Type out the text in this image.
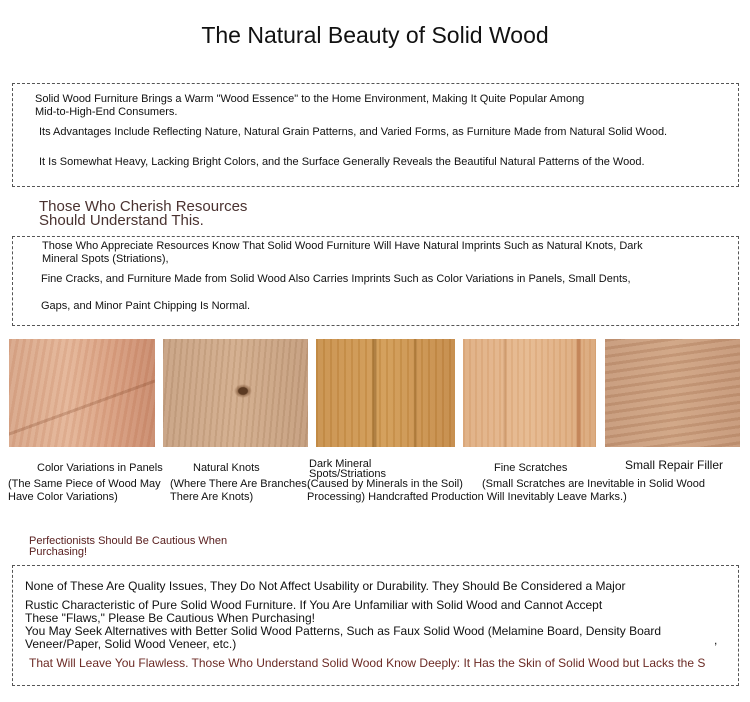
The Natural Beauty of Solid Wood
Solid Wood Furniture Brings a Warm "Wood Essence" to the Home Environment, Making It Quite Popular Among
Mid-to-High-End Consumers.
Its Advantages Include Reflecting Nature, Natural Grain Patterns, and Varied Forms, as Furniture Made from Natural Solid Wood.
It Is Somewhat Heavy, Lacking Bright Colors, and the Surface Generally Reveals the Beautiful Natural Patterns of the Wood.
Those Who Cherish Resources
Should Understand This.
Those Who Appreciate Resources Know That Solid Wood Furniture Will Have Natural Imprints Such as Natural Knots, Dark
Mineral Spots (Striations),
Fine Cracks, and Furniture Made from Solid Wood Also Carries Imprints Such as Color Variations in Panels, Small Dents,
Gaps, and Minor Paint Chipping Is Normal.
Color Variations in Panels	Natural Knots	Dark Mineral
Spots/Striations	Fine Scratches	Small Repair Filler
(The Same Piece of Wood May
Have Color Variations)
(Where There Are Branches,
There Are Knots)
(Caused by Minerals in the Soil) (Small Scratches are Inevitable in Solid Wood
Processing) Handcrafted Production Will Inevitably Leave Marks.)
Perfectionists Should Be Cautious When
Purchasing!
None of These Are Quality Issues, They Do Not Affect Usability or Durability. They Should Be Considered a Major
Rustic Characteristic of Pure Solid Wood Furniture. If You Are Unfamiliar with Solid Wood and Cannot Accept
These "Flaws," Please Be Cautious When Purchasing!
You May Seek Alternatives with Better Solid Wood Patterns, Such as Faux Solid Wood (Melamine Board, Density Board
,
Veneer/Paper, Solid Wood Veneer, etc.)
That Will Leave You Flawless. Those Who Understand Solid Wood Know Deeply: It Has the Skin of Solid Wood but Lacks the S
